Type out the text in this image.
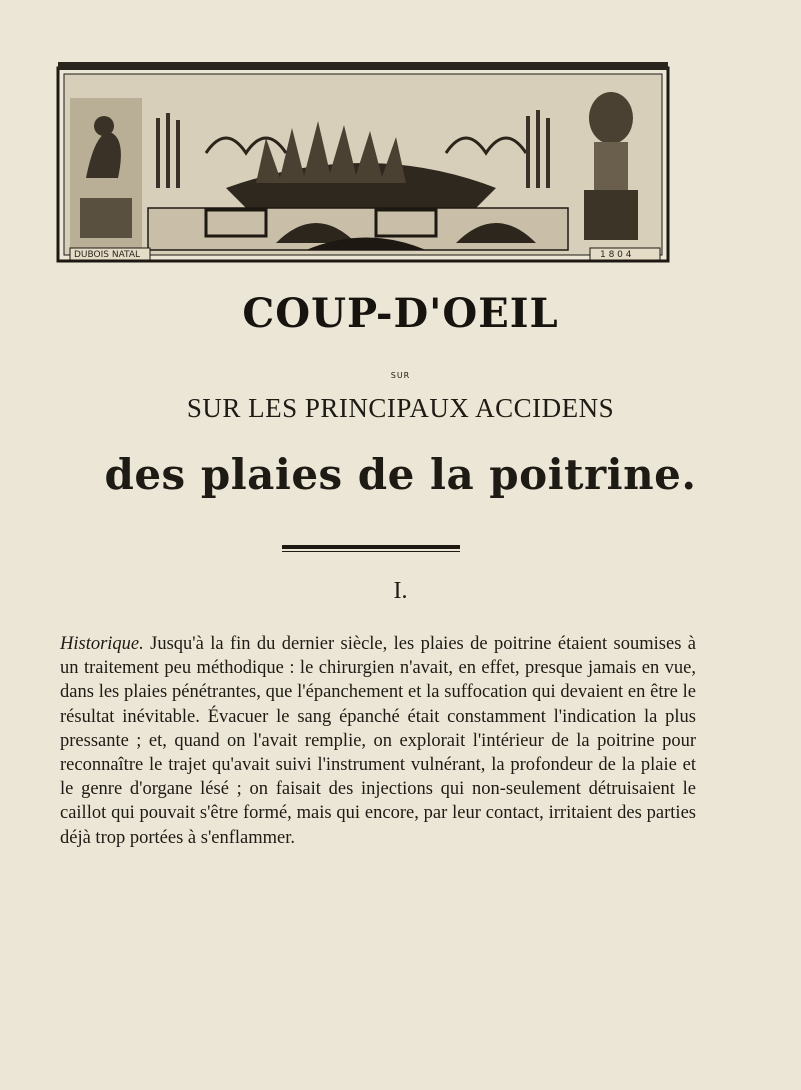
DUBOIS NATAL	1 8 0 4
COUP-D'OEIL
SUR
SUR LES PRINCIPAUX ACCIDENS
des plaies de la poitrine.
I.

Historique. Jusqu'à la fin du dernier siècle, les plaies de poitrine étaient soumises à un traitement peu méthodique : le chirurgien n'avait, en effet, presque jamais en vue, dans les plaies pénétrantes, que l'épanchement et la suffocation qui devaient en être le résultat inévitable. Évacuer le sang épanché était constamment l'indication la plus pressante ; et, quand on l'avait remplie, on explorait l'intérieur de la poitrine pour reconnaître le trajet qu'avait suivi l'instrument vulnérant, la profondeur de la plaie et le genre d'organe lésé ; on faisait des injections qui non-seulement détruisaient le caillot qui pouvait s'être formé, mais qui encore, par leur contact, irritaient des parties déjà trop portées à s'enflammer.
